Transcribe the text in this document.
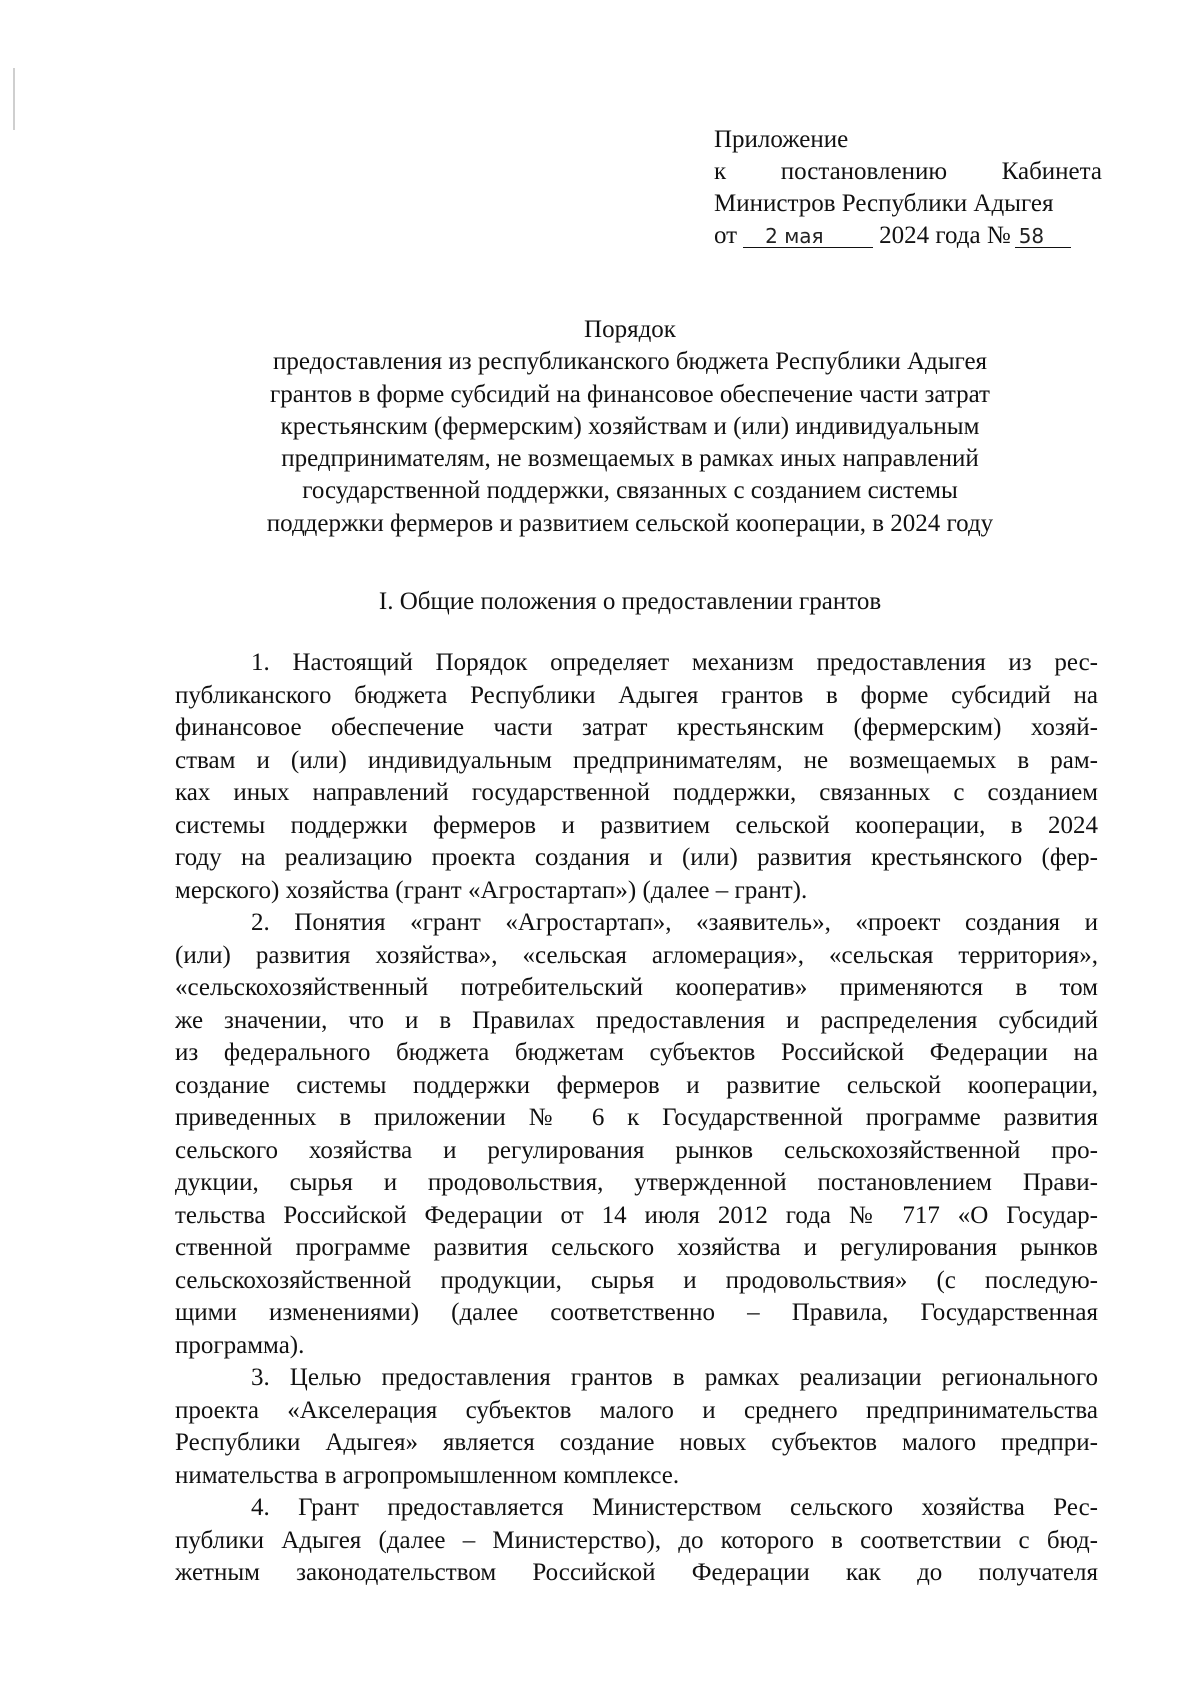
Приложение
к постановлению Кабинета
Министров Республики Адыгея
от	2 мая	2024 года № 58
Порядок
предоставления из республиканского бюджета Республики Адыгея
грантов в форме субсидий на финансовое обеспечение части затрат
крестьянским (фермерским) хозяйствам и (или) индивидуальным
предпринимателям, не возмещаемых в рамках иных направлений
государственной поддержки, связанных с созданием системы
поддержки фермеров и развитием сельской кооперации, в 2024 году
I. Общие положения о предоставлении грантов

1. Настоящий Порядок определяет механизм предоставления из рес-
публиканского бюджета Республики Адыгея грантов в форме субсидий на
финансовое обеспечение части затрат крестьянским (фермерским) хозяй-
ствам и (или) индивидуальным предпринимателям, не возмещаемых в рам-
ках иных направлений государственной поддержки, связанных с созданием
системы поддержки фермеров и развитием сельской кооперации, в 2024
году на реализацию проекта создания и (или) развития крестьянского (фер-
мерского) хозяйства (грант «Агростартап») (далее – грант).

2. Понятия «грант «Агростартап», «заявитель», «проект создания и
(или) развития хозяйства», «сельская агломерация», «сельская территория»,
«сельскохозяйственный потребительский кооператив» применяются в том
же значении, что и в Правилах предоставления и распределения субсидий
из федерального бюджета бюджетам субъектов Российской Федерации на
создание системы поддержки фермеров и развитие сельской кооперации,
приведенных в приложении № 6 к Государственной программе развития
сельского хозяйства и регулирования рынков сельскохозяйственной про-
дукции, сырья и продовольствия, утвержденной постановлением Прави-
тельства Российской Федерации от 14 июля 2012 года № 717 «О Государ-
ственной программе развития сельского хозяйства и регулирования рынков
сельскохозяйственной продукции, сырья и продовольствия» (с последую-
щими изменениями) (далее соответственно – Правила, Государственная
программа).

3. Целью предоставления грантов в рамках реализации регионального
проекта «Акселерация субъектов малого и среднего предпринимательства
Республики Адыгея» является создание новых субъектов малого предпри-
нимательства в агропромышленном комплексе.

4. Грант предоставляется Министерством сельского хозяйства Рес-
публики Адыгея (далее – Министерство), до которого в соответствии с бюд-
жетным законодательством Российской Федерации как до получателя
